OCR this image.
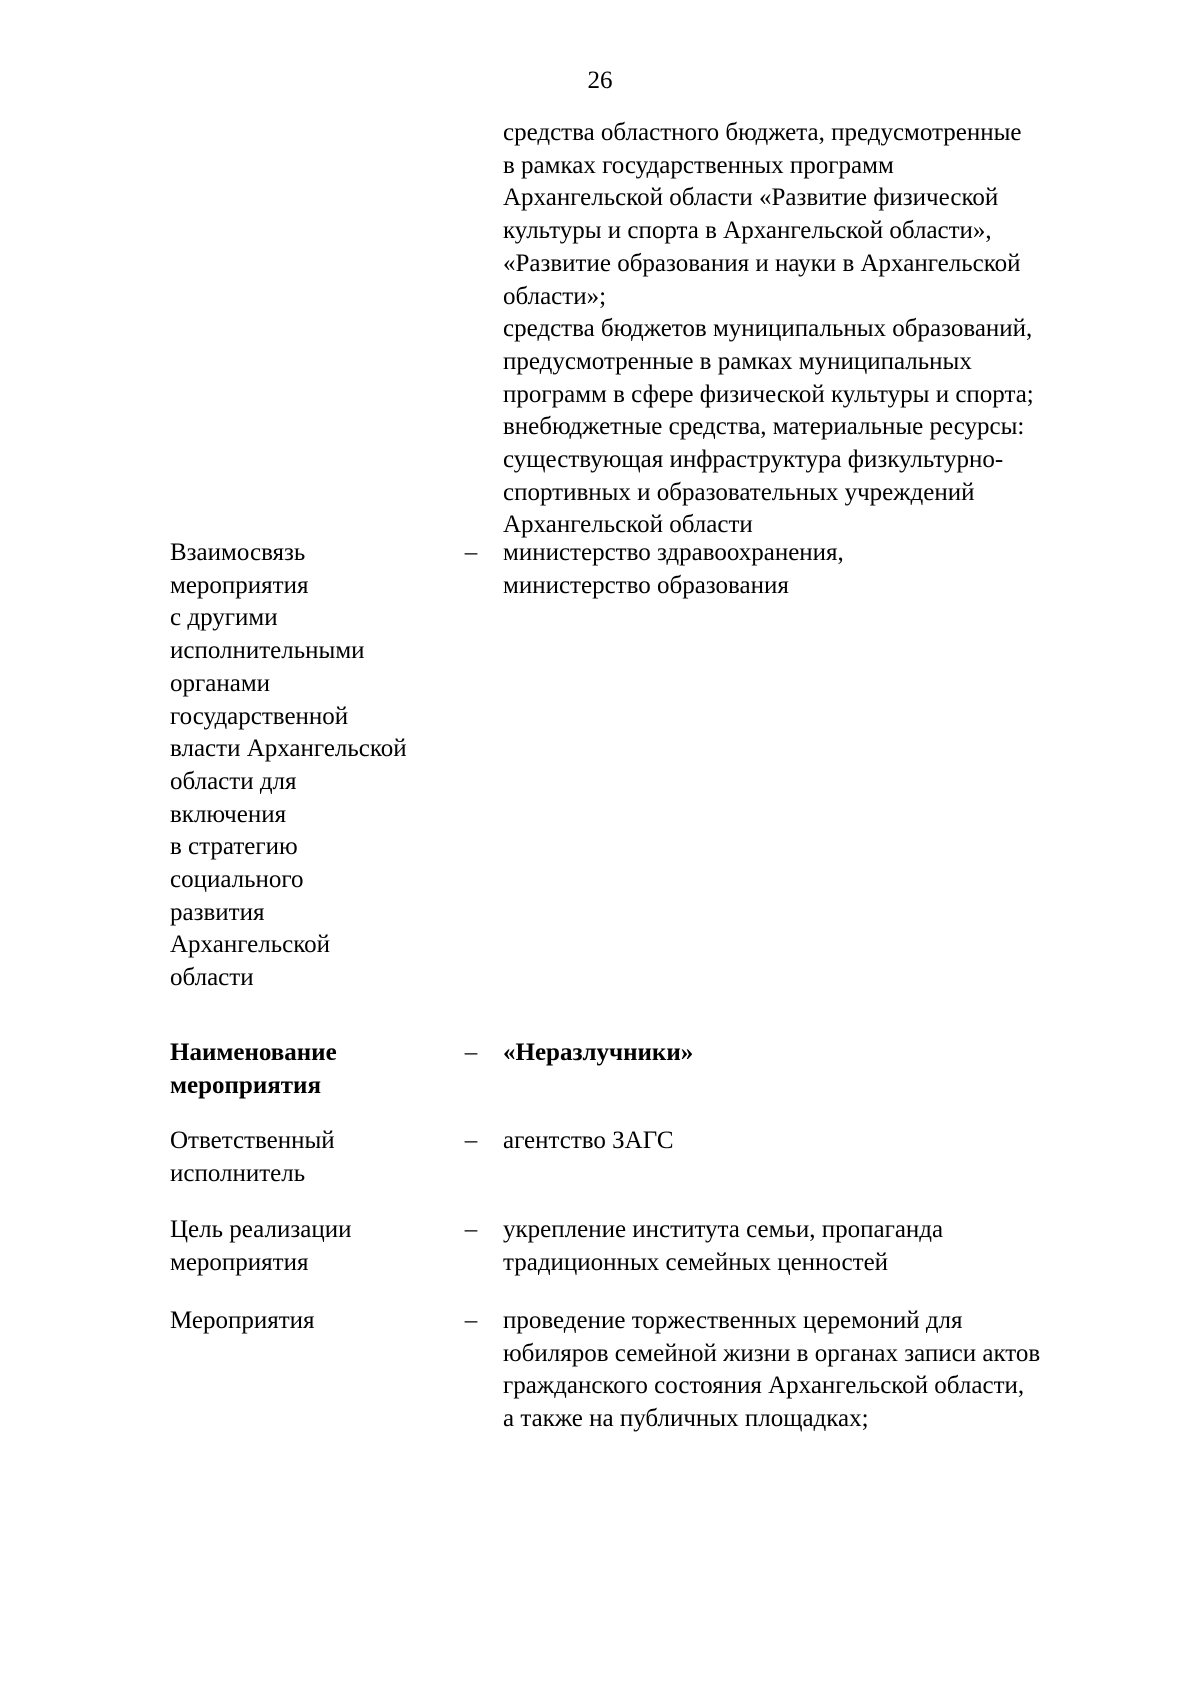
26
средства областного бюджета, предусмотренные
в рамках государственных программ
Архангельской области «Развитие физической
культуры и спорта в Архангельской области»,
«Развитие образования и науки в Архангельской
области»;
средства бюджетов муниципальных образований,
предусмотренные в рамках муниципальных
программ в сфере физической культуры и спорта;
внебюджетные средства, материальные ресурсы:
существующая инфраструктура физкультурно-
спортивных и образовательных учреждений
Архангельской области
Взаимосвязь
мероприятия
с другими
исполнительными
органами
государственной
власти Архангельской
области для
включения
в стратегию
социального
развития
Архангельской
области
– министерство здравоохранения,
министерство образования
Наименование
мероприятия
– «Неразлучники»
Ответственный
исполнитель
– агентство ЗАГС
Цель реализации
мероприятия
– укрепление института семьи, пропаганда
традиционных семейных ценностей
Мероприятия	– проведение торжественных церемоний для
юбиляров семейной жизни в органах записи актов
гражданского состояния Архангельской области,
а также на публичных площадках;
